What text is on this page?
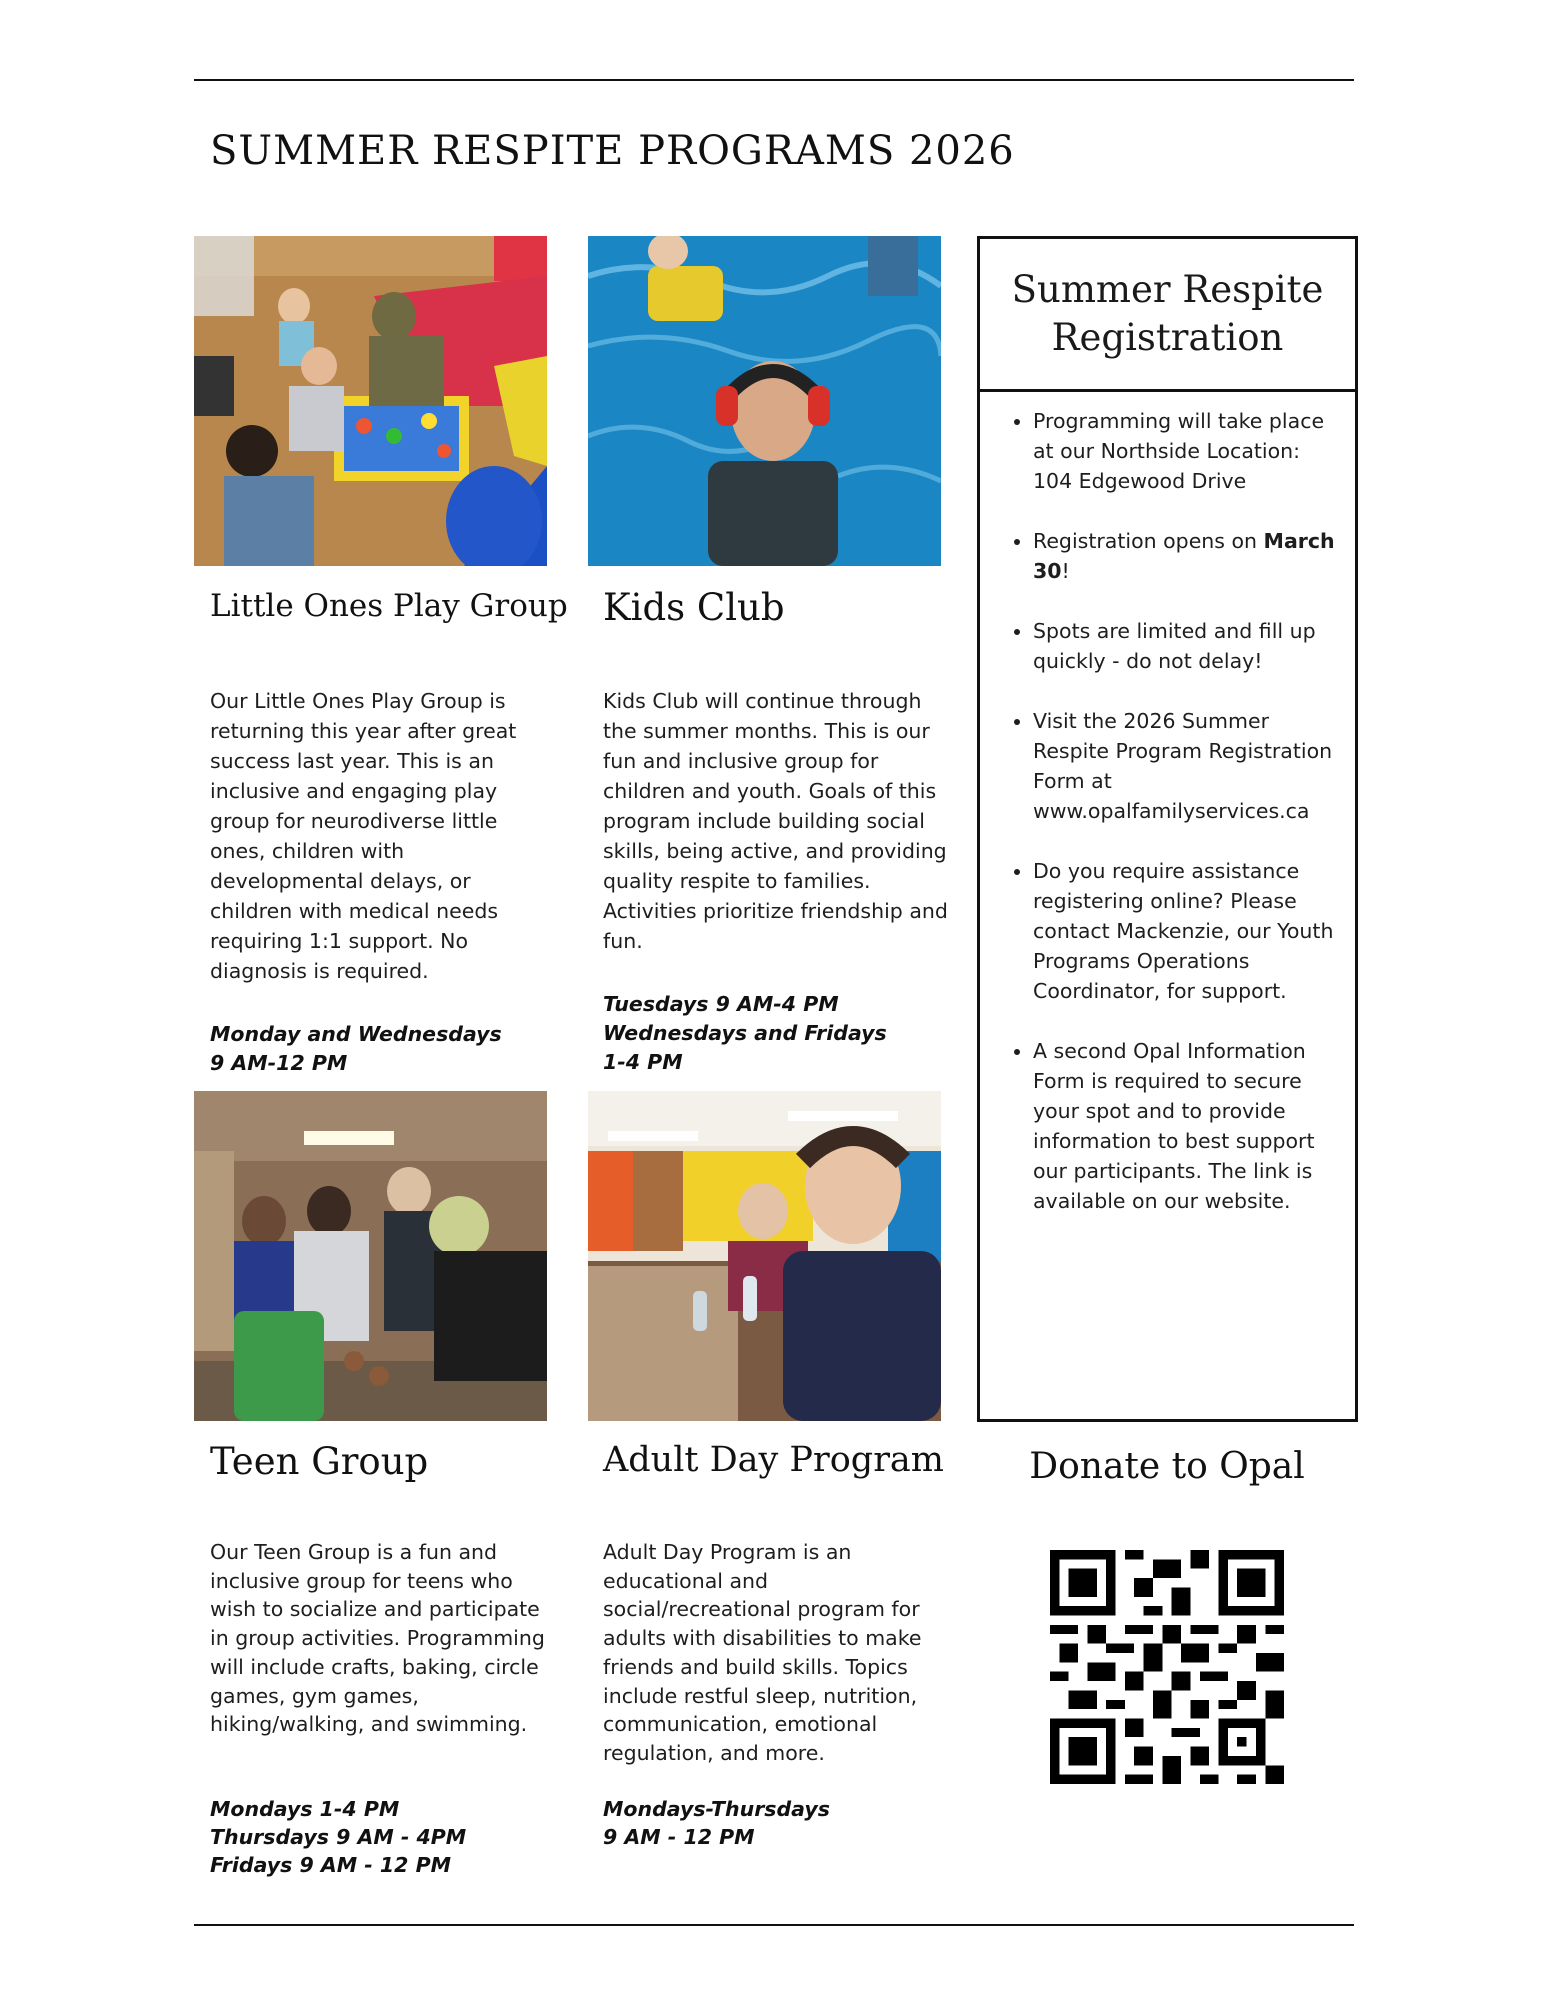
SUMMER RESPITE PROGRAMS 2026
Little Ones Play Group Kids Club
Teen Group	Adult Day Program

Our Little Ones Play Group is returning this year after great success last year. This is an inclusive and engaging play group for neurodiverse little ones, children with developmental delays, or children with medical needs requiring 1:1 support. No diagnosis is required.

Kids Club will continue through the summer months. This is our fun and inclusive group for children and youth. Goals of this program include building social skills, being active, and providing quality respite to families. Activities prioritize friendship and fun.

Our Teen Group is a fun and inclusive group for teens who wish to socialize and participate in group activities. Programming will include crafts, baking, circle games, gym games, hiking/walking, and swimming.

Adult Day Program is an educational and social/recreational program for adults with disabilities to make friends and build skills. Topics include restful sleep, nutrition, communication, emotional regulation, and more.

Monday and Wednesdays
9 AM-12 PM
Tuesdays 9 AM-4 PM
Wednesdays and Fridays
1-4 PM
Mondays 1-4 PM
Thursdays 9 AM - 4PM
Fridays 9 AM - 12 PM
Mondays-Thursdays
9 AM - 12 PM
Summer Respite Registration
• Programming will take place at our Northside Location: 104 Edgewood Drive
• Registration opens on March 30!
• Spots are limited and fill up quickly - do not delay!
• Visit the 2026 Summer Respite Program Registration Form at www.opalfamilyservices.ca
• Do you require assistance registering online? Please contact Mackenzie, our Youth Programs Operations Coordinator, for support.
• A second Opal Information Form is required to secure your spot and to provide information to best support our participants. The link is available on our website.
Donate to Opal
